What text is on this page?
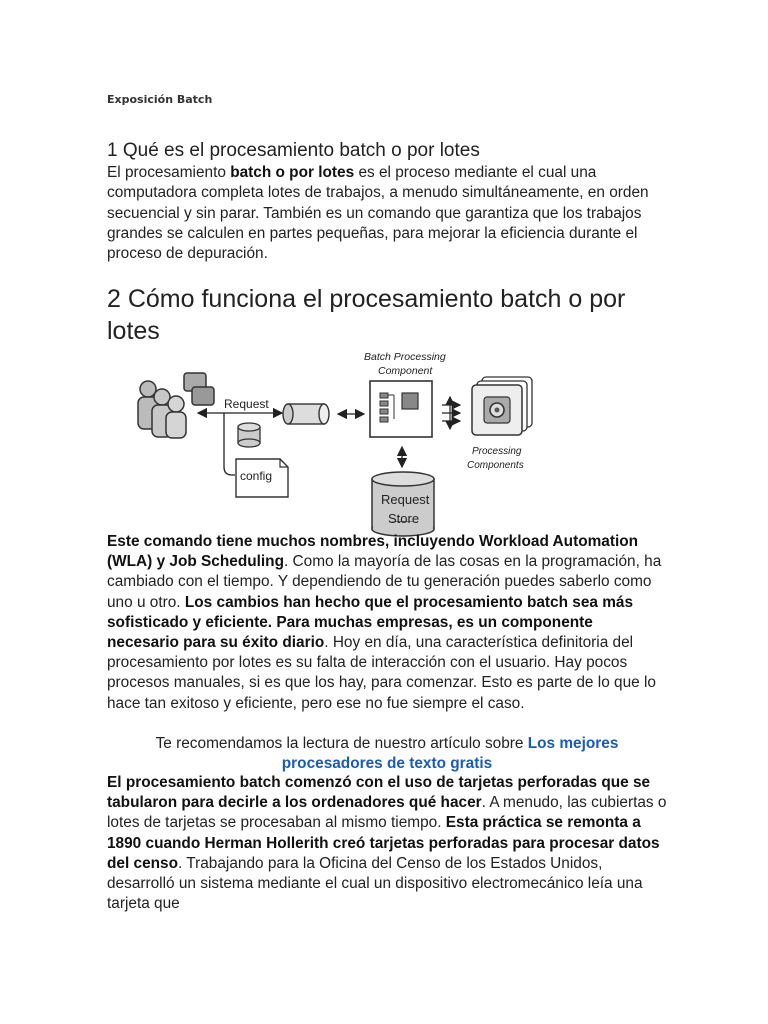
Exposición Batch
1 Qué es el procesamiento batch o por lotes
El procesamiento batch o por lotes es el proceso mediante el cual una computadora completa lotes de trabajos, a menudo simultáneamente, en orden secuencial y sin parar. También es un comando que garantiza que los trabajos grandes se calculen en partes pequeñas, para mejorar la eficiencia durante el proceso de depuración.
2 Cómo funciona el procesamiento batch o por lotes
Request
config
Batch Processing
Component
Processing
Components
Request
Store
Este comando tiene muchos nombres, incluyendo Workload Automation (WLA) y Job Scheduling. Como la mayoría de las cosas en la programación, ha cambiado con el tiempo. Y dependiendo de tu generación puedes saberlo como uno u otro. Los cambios han hecho que el procesamiento batch sea más sofisticado y eficiente. Para muchas empresas, es un componente necesario para su éxito diario. Hoy en día, una característica definitoria del procesamiento por lotes es su falta de interacción con el usuario. Hay pocos procesos manuales, si es que los hay, para comenzar. Esto es parte de lo que lo hace tan exitoso y eficiente, pero ese no fue siempre el caso.
Te recomendamos la lectura de nuestro artículo sobre Los mejores procesadores de texto gratis
El procesamiento batch comenzó con el uso de tarjetas perforadas que se tabularon para decirle a los ordenadores qué hacer. A menudo, las cubiertas o lotes de tarjetas se procesaban al mismo tiempo. Esta práctica se remonta a 1890 cuando Herman Hollerith creó tarjetas perforadas para procesar datos del censo. Trabajando para la Oficina del Censo de los Estados Unidos, desarrolló un sistema mediante el cual un dispositivo electromecánico leía una tarjeta que
